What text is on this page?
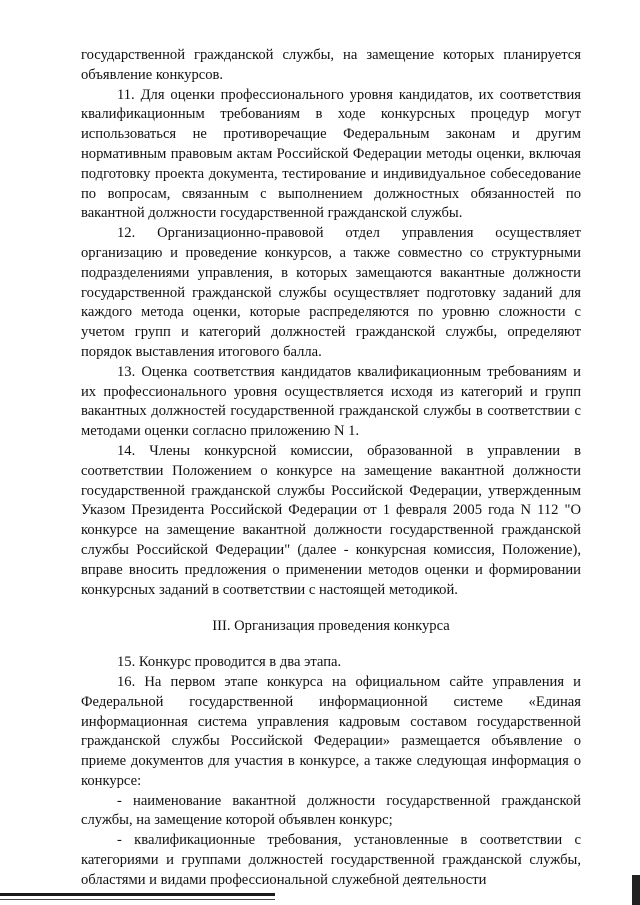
государственной гражданской службы, на замещение которых планируется объявление конкурсов.

11. Для оценки профессионального уровня кандидатов, их соответствия квалификационным требованиям в ходе конкурсных процедур могут использоваться не противоречащие Федеральным законам и другим нормативным правовым актам Российской Федерации методы оценки, включая подготовку проекта документа, тестирование и индивидуальное собеседование по вопросам, связанным с выполнением должностных обязанностей по вакантной должности государственной гражданской службы.

12. Организационно-правовой отдел управления осуществляет организацию и проведение конкурсов, а также совместно со структурными подразделениями управления, в которых замещаются вакантные должности государственной гражданской службы осуществляет подготовку заданий для каждого метода оценки, которые распределяются по уровню сложности с учетом групп и категорий должностей гражданской службы, определяют порядок выставления итогового балла.

13. Оценка соответствия кандидатов квалификационным требованиям и их профессионального уровня осуществляется исходя из категорий и групп вакантных должностей государственной гражданской службы в соответствии с методами оценки согласно приложению N 1.

14. Члены конкурсной комиссии, образованной в управлении в соответствии Положением о конкурсе на замещение вакантной должности государственной гражданской службы Российской Федерации, утвержденным Указом Президента Российской Федерации от 1 февраля 2005 года N 112 "О конкурсе на замещение вакантной должности государственной гражданской службы Российской Федерации" (далее - конкурсная комиссия, Положение), вправе вносить предложения о применении методов оценки и формировании конкурсных заданий в соответствии с настоящей методикой.

III. Организация проведения конкурса

15. Конкурс проводится в два этапа.

16. На первом этапе конкурса на официальном сайте управления и Федеральной государственной информационной системе «Единая информационная система управления кадровым составом государственной гражданской службы Российской Федерации» размещается объявление о приеме документов для участия в конкурсе, а также следующая информация о конкурсе:

- наименование вакантной должности государственной гражданской службы, на замещение которой объявлен конкурс;

- квалификационные требования, установленные в соответствии с категориями и группами должностей государственной гражданской службы, областями и видами профессиональной служебной деятельности
